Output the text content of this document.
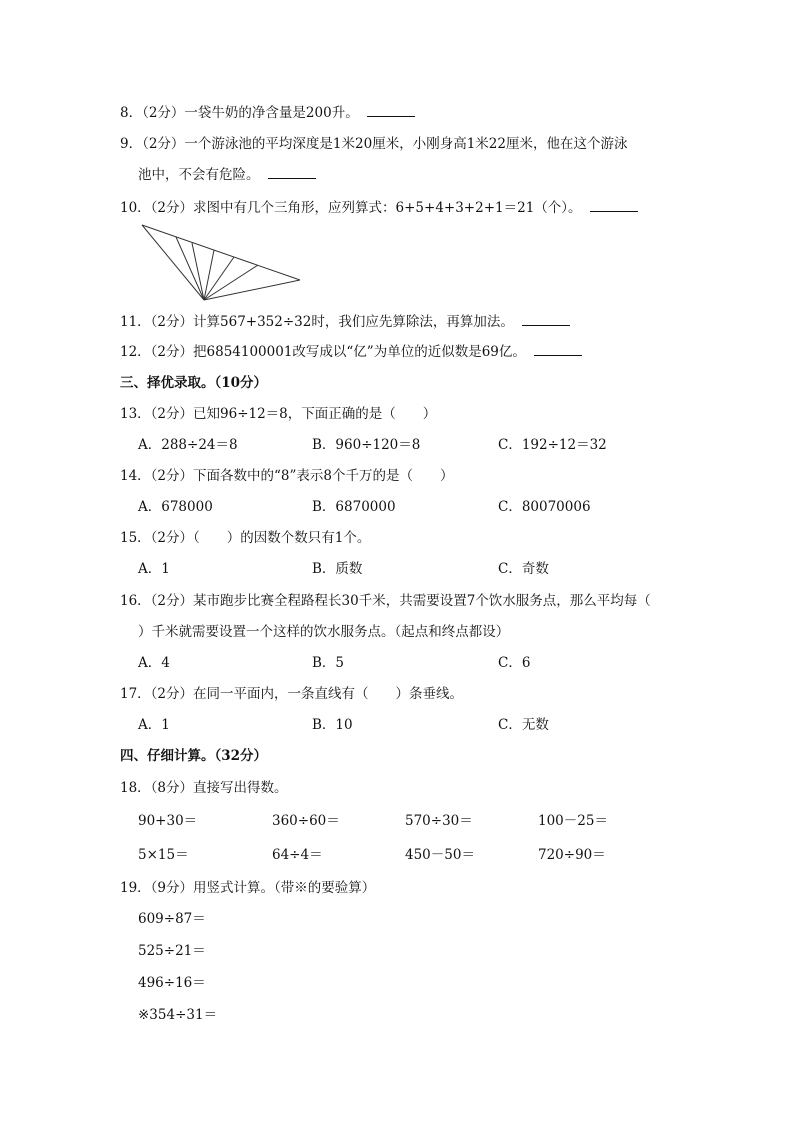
8．（2分）一袋牛奶的净含量是200升。
9．（2分）一个游泳池的平均深度是1米20厘米，小刚身高1米22厘米，他在这个游泳
池中，不会有危险。
10．（2分）求图中有几个三角形，应列算式：6+5+4+3+2+1＝21（个）。
11．（2分）计算567+352÷32时，我们应先算除法，再算加法。
12．（2分）把6854100001改写成以“亿”为单位的近似数是69亿。
三、择优录取。（10分）
13．（2分）已知96÷12＝8，下面正确的是（　　）
A．288÷24＝8	B．960÷120＝8	C．192÷12＝32
14．（2分）下面各数中的“8”表示8个千万的是（　　）
A．678000	B．6870000	C．80070006
15．（2分）（　　）的因数个数只有1个。
A．1	B．质数	C．奇数
16．（2分）某市跑步比赛全程路程长30千米，共需要设置7个饮水服务点，那么平均每（
）千米就需要设置一个这样的饮水服务点。（起点和终点都设）
A．4	B．5	C．6
17．（2分）在同一平面内，一条直线有（　　）条垂线。
A．1	B．10	C．无数
四、仔细计算。（32分）
18．（8分）直接写出得数。
90+30＝	360÷60＝	570÷30＝	100－25＝
5×15＝	64÷4＝	450－50＝	720÷90＝
19．（9分）用竖式计算。（带※的要验算）
609÷87＝
525÷21＝
496÷16＝
※354÷31＝
